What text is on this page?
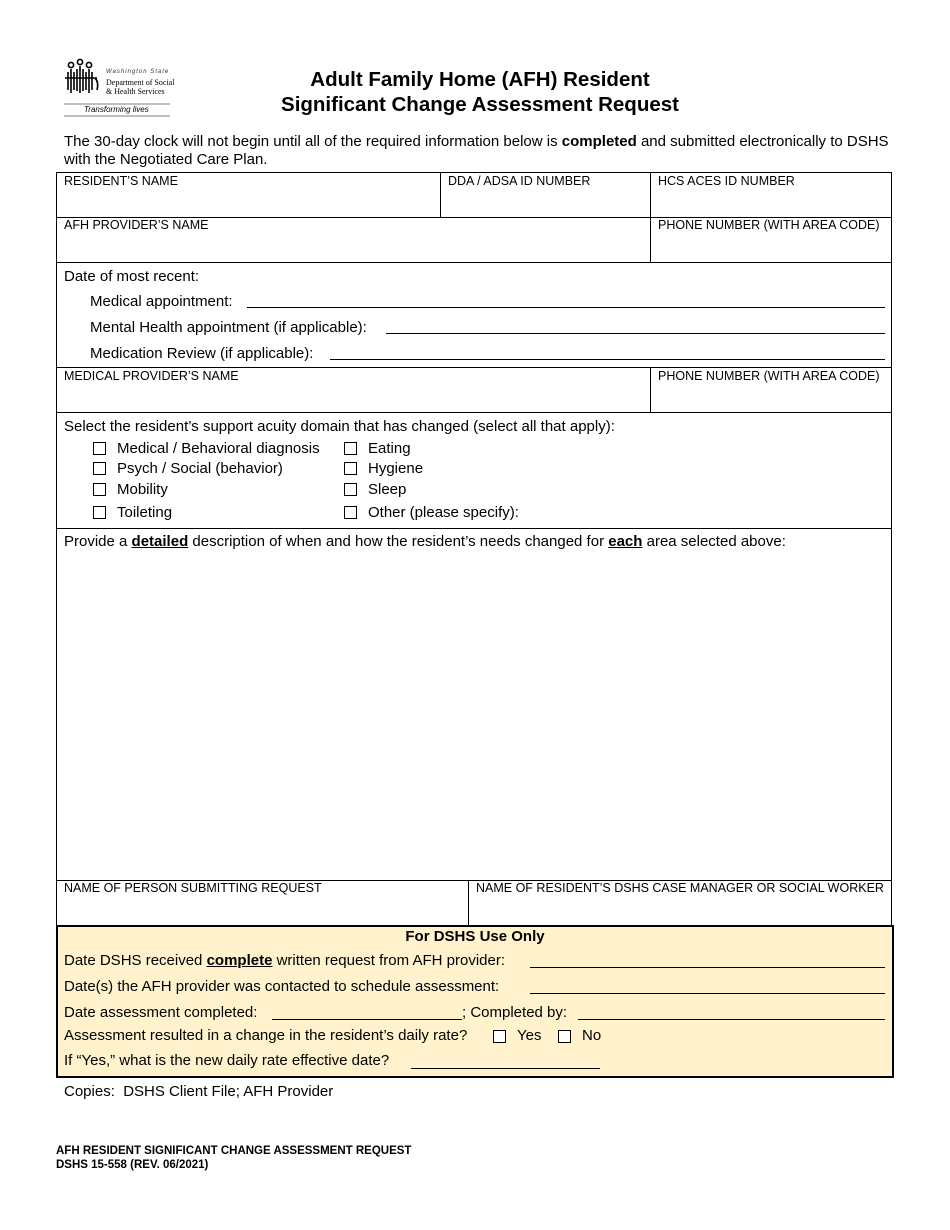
Washington State
Department of Social
& Health Services
Transforming lives
Adult Family Home (AFH) Resident
Significant Change Assessment Request
The 30-day clock will not begin until all of the required information below is completed and submitted electronically to DSHS with the Negotiated Care Plan.
RESIDENT’S NAME	DDA / ADSA ID NUMBER	HCS ACES ID NUMBER
AFH PROVIDER’S NAME	PHONE NUMBER (WITH AREA CODE)
Date of most recent:
Medical appointment:
Mental Health appointment (if applicable):
Medication Review (if applicable):
MEDICAL PROVIDER’S NAME	PHONE NUMBER (WITH AREA CODE)
Select the resident’s support acuity domain that has changed (select all that apply):
Medical / Behavioral diagnosis
Psych / Social (behavior)
Mobility
Toileting
Eating
Hygiene
Sleep
Other (please specify):
Provide a detailed description of when and how the resident’s needs changed for each area selected above:
NAME OF PERSON SUBMITTING REQUEST	NAME OF RESIDENT’S DSHS CASE MANAGER OR SOCIAL WORKER
For DSHS Use Only
Date DSHS received complete written request from AFH provider:
Date(s) the AFH provider was contacted to schedule assessment:
Date assessment completed:	; Completed by:
Assessment resulted in a change in the resident’s daily rate?	Yes	No
If “Yes,” what is the new daily rate effective date?
Copies:  DSHS Client File; AFH Provider
AFH RESIDENT SIGNIFICANT CHANGE ASSESSMENT REQUEST
DSHS 15-558 (REV. 06/2021)
